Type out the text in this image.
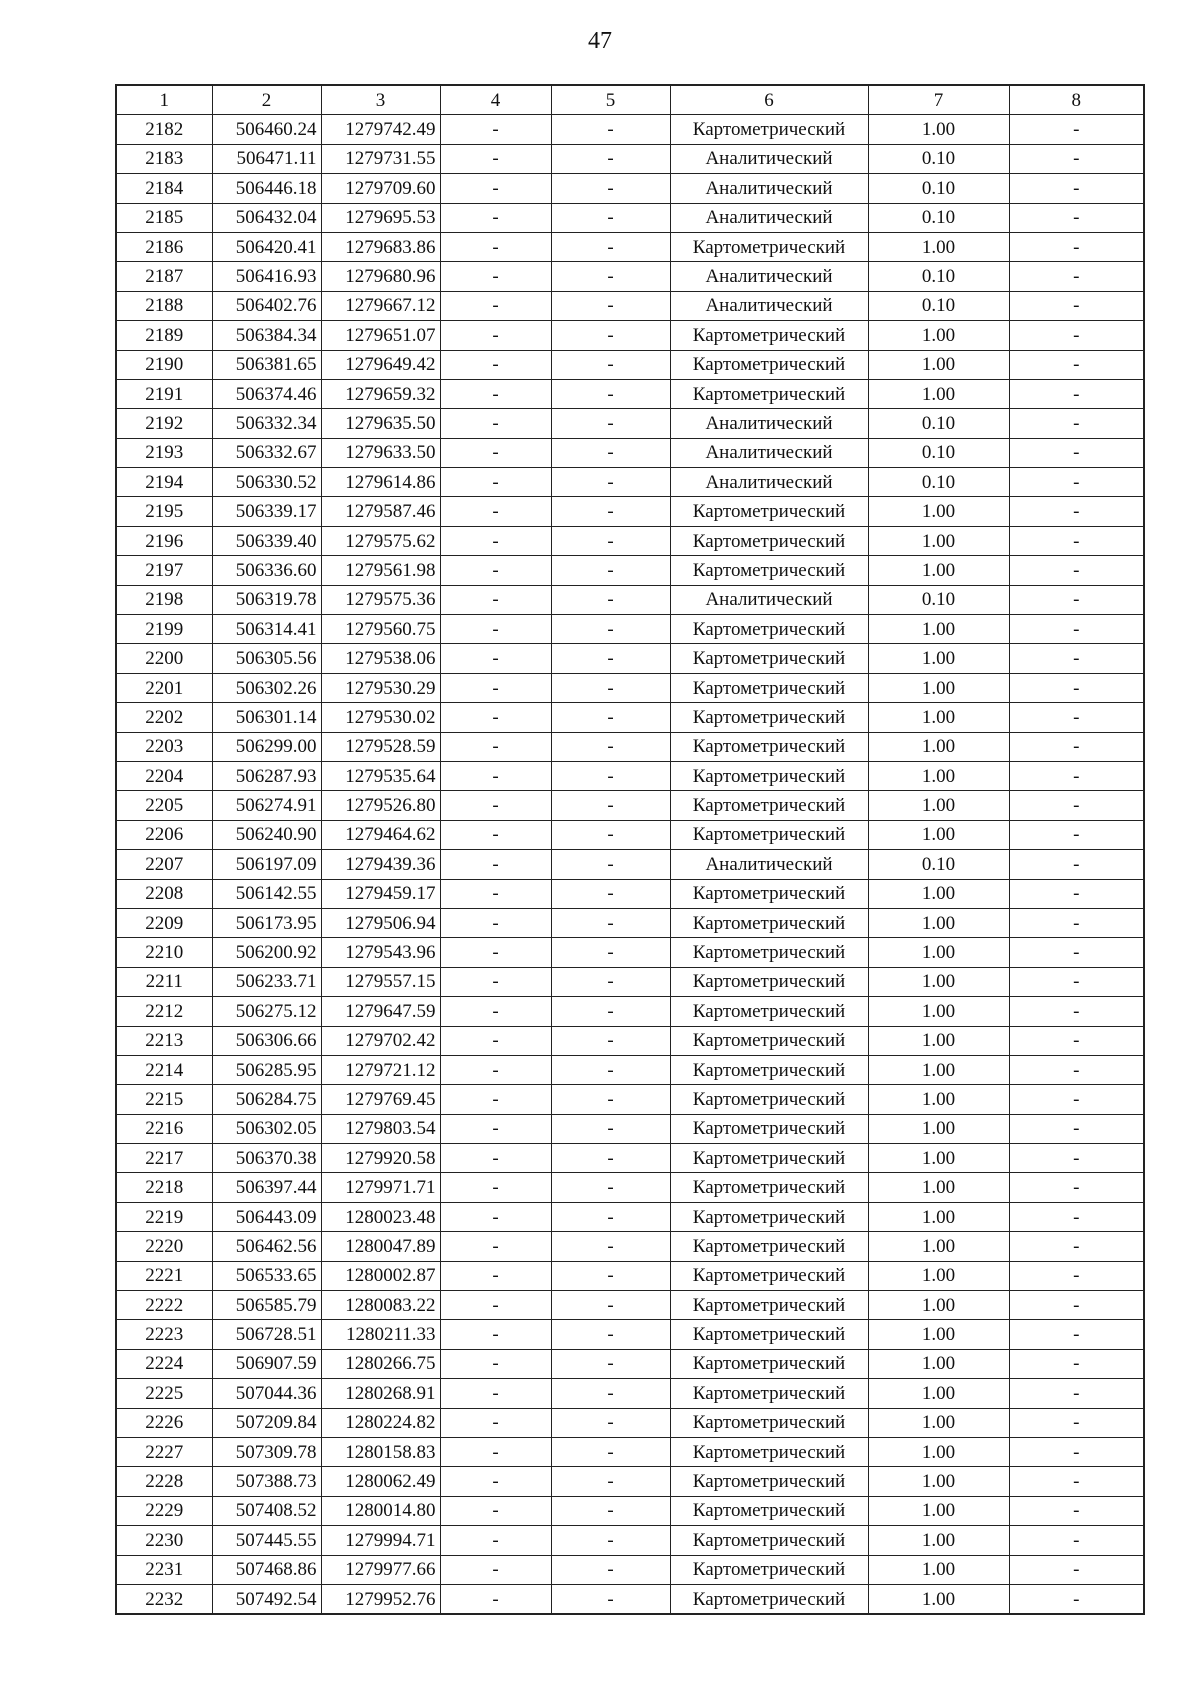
47
1	2	3	4	5	6	7	8
2182	506460.24	1279742.49	-	-	Картометрический	1.00	-
2183	506471.11	1279731.55	-	-	Аналитический	0.10	-
2184	506446.18	1279709.60	-	-	Аналитический	0.10	-
2185	506432.04	1279695.53	-	-	Аналитический	0.10	-
2186	506420.41	1279683.86	-	-	Картометрический	1.00	-
2187	506416.93	1279680.96	-	-	Аналитический	0.10	-
2188	506402.76	1279667.12	-	-	Аналитический	0.10	-
2189	506384.34	1279651.07	-	-	Картометрический	1.00	-
2190	506381.65	1279649.42	-	-	Картометрический	1.00	-
2191	506374.46	1279659.32	-	-	Картометрический	1.00	-
2192	506332.34	1279635.50	-	-	Аналитический	0.10	-
2193	506332.67	1279633.50	-	-	Аналитический	0.10	-
2194	506330.52	1279614.86	-	-	Аналитический	0.10	-
2195	506339.17	1279587.46	-	-	Картометрический	1.00	-
2196	506339.40	1279575.62	-	-	Картометрический	1.00	-
2197	506336.60	1279561.98	-	-	Картометрический	1.00	-
2198	506319.78	1279575.36	-	-	Аналитический	0.10	-
2199	506314.41	1279560.75	-	-	Картометрический	1.00	-
2200	506305.56	1279538.06	-	-	Картометрический	1.00	-
2201	506302.26	1279530.29	-	-	Картометрический	1.00	-
2202	506301.14	1279530.02	-	-	Картометрический	1.00	-
2203	506299.00	1279528.59	-	-	Картометрический	1.00	-
2204	506287.93	1279535.64	-	-	Картометрический	1.00	-
2205	506274.91	1279526.80	-	-	Картометрический	1.00	-
2206	506240.90	1279464.62	-	-	Картометрический	1.00	-
2207	506197.09	1279439.36	-	-	Аналитический	0.10	-
2208	506142.55	1279459.17	-	-	Картометрический	1.00	-
2209	506173.95	1279506.94	-	-	Картометрический	1.00	-
2210	506200.92	1279543.96	-	-	Картометрический	1.00	-
2211	506233.71	1279557.15	-	-	Картометрический	1.00	-
2212	506275.12	1279647.59	-	-	Картометрический	1.00	-
2213	506306.66	1279702.42	-	-	Картометрический	1.00	-
2214	506285.95	1279721.12	-	-	Картометрический	1.00	-
2215	506284.75	1279769.45	-	-	Картометрический	1.00	-
2216	506302.05	1279803.54	-	-	Картометрический	1.00	-
2217	506370.38	1279920.58	-	-	Картометрический	1.00	-
2218	506397.44	1279971.71	-	-	Картометрический	1.00	-
2219	506443.09	1280023.48	-	-	Картометрический	1.00	-
2220	506462.56	1280047.89	-	-	Картометрический	1.00	-
2221	506533.65	1280002.87	-	-	Картометрический	1.00	-
2222	506585.79	1280083.22	-	-	Картометрический	1.00	-
2223	506728.51	1280211.33	-	-	Картометрический	1.00	-
2224	506907.59	1280266.75	-	-	Картометрический	1.00	-
2225	507044.36	1280268.91	-	-	Картометрический	1.00	-
2226	507209.84	1280224.82	-	-	Картометрический	1.00	-
2227	507309.78	1280158.83	-	-	Картометрический	1.00	-
2228	507388.73	1280062.49	-	-	Картометрический	1.00	-
2229	507408.52	1280014.80	-	-	Картометрический	1.00	-
2230	507445.55	1279994.71	-	-	Картометрический	1.00	-
2231	507468.86	1279977.66	-	-	Картометрический	1.00	-
2232	507492.54	1279952.76	-	-	Картометрический	1.00	-
